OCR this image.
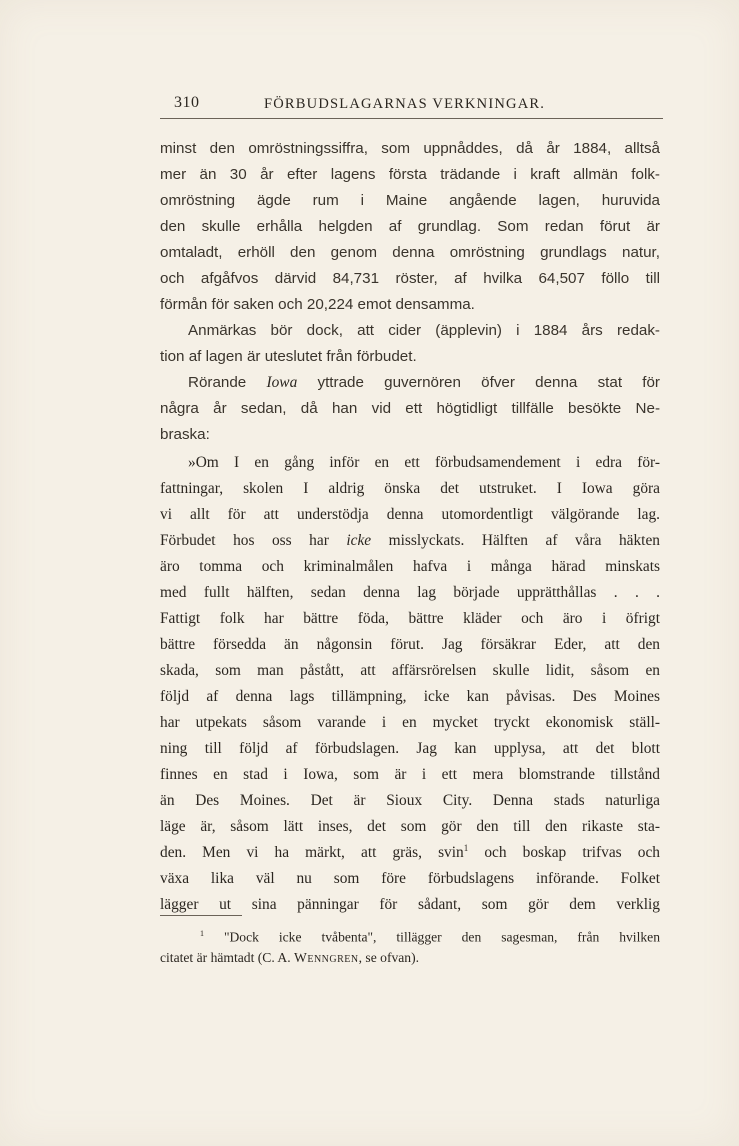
310	FÖRBUDSLAGARNAS VERKNINGAR.
minst den omröstningssiffra, som uppnåddes, då år 1884, alltså
mer än 30 år efter lagens första trädande i kraft allmän folk-
omröstning ägde rum i Maine angående lagen, huruvida
den skulle erhålla helgden af grundlag. Som redan förut är
omtaladt, erhöll den genom denna omröstning grundlags natur,
och afgåfvos därvid 84,731 röster, af hvilka 64,507 föllo till
förmån för saken och 20,224 emot densamma.
Anmärkas bör dock, att cider (äpplevin) i 1884 års redak-
tion af lagen är uteslutet från förbudet.
Rörande Iowa yttrade guvernören öfver denna stat för
några år sedan, då han vid ett högtidligt tillfälle besökte Ne-
braska:
»Om I en gång inför en ett förbudsamendement i edra för-
fattningar, skolen I aldrig önska det utstruket. I Iowa göra
vi allt för att understödja denna utomordentligt välgörande lag.
Förbudet hos oss har icke misslyckats. Hälften af våra häkten
äro tomma och kriminalmålen hafva i många härad minskats
med fullt hälften, sedan denna lag började upprätthållas . . .
Fattigt folk har bättre föda, bättre kläder och äro i öfrigt
bättre försedda än någonsin förut. Jag försäkrar Eder, att den
skada, som man påstått, att affärsrörelsen skulle lidit, såsom en
följd af denna lags tillämpning, icke kan påvisas. Des Moines
har utpekats såsom varande i en mycket tryckt ekonomisk ställ-
ning till följd af förbudslagen. Jag kan upplysa, att det blott
finnes en stad i Iowa, som är i ett mera blomstrande tillstånd
än Des Moines. Det är Sioux City. Denna stads naturliga
läge är, såsom lätt inses, det som gör den till den rikaste sta-
den. Men vi ha märkt, att gräs, svin$^1$ och boskap trifvas och
växa lika väl nu som före förbudslagens införande. Folket
lägger ut sina pänningar för sådant, som gör dem verklig
$^1$ "Dock icke tvåbenta", tillägger den sagesman, från hvilken
citatet är hämtadt (C. A. Wenngren, se ofvan).
